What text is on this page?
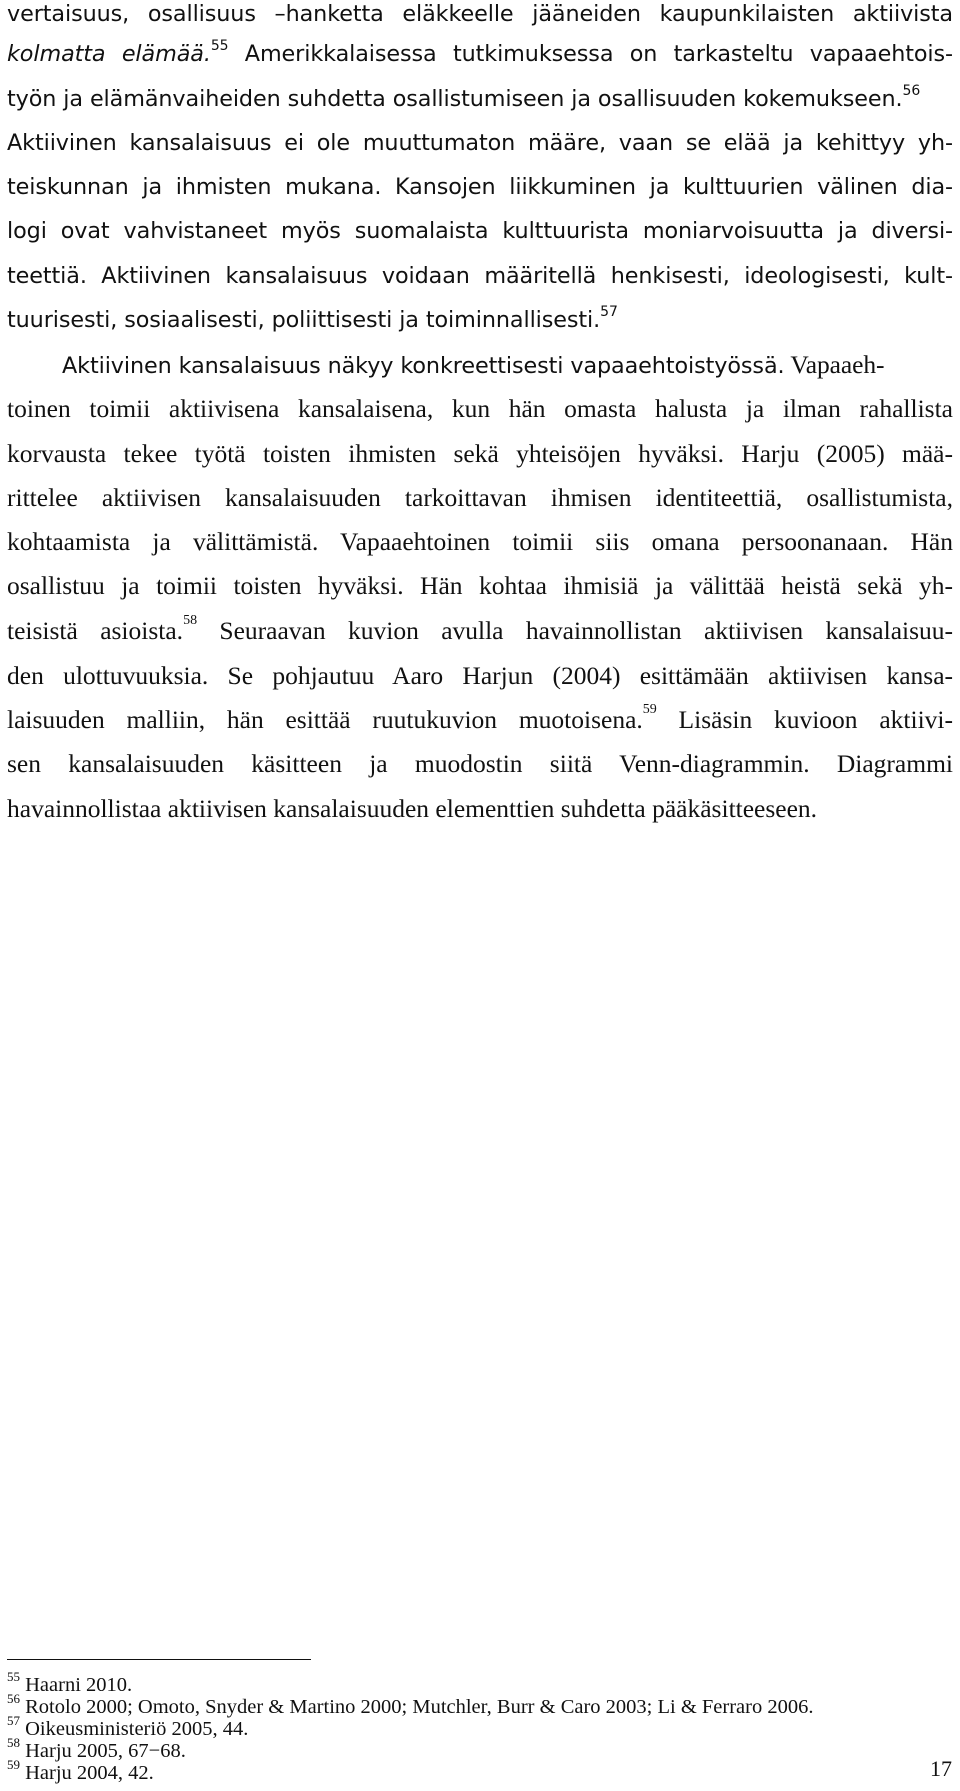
vertaisuus, osallisuus –hanketta eläkkeelle jääneiden kaupunkilaisten aktiivista
kolmatta elämää.$^{55}$ Amerikkalaisessa tutkimuksessa on tarkasteltu vapaaehtois-
työn ja elämänvaiheiden suhdetta osallistumiseen ja osallisuuden kokemukseen.$^{56}$
Aktiivinen kansalaisuus ei ole muuttumaton määre, vaan se elää ja kehittyy yh-
teiskunnan ja ihmisten mukana. Kansojen liikkuminen ja kulttuurien välinen dia-
logi ovat vahvistaneet myös suomalaista kulttuurista moniarvoisuutta ja diversi-
teettiä. Aktiivinen kansalaisuus voidaan määritellä henkisesti, ideologisesti, kult-
tuurisesti, sosiaalisesti, poliittisesti ja toiminnallisesti.$^{57}$
Aktiivinen kansalaisuus näkyy konkreettisesti vapaaehtoistyössä. Vapaaeh-
toinen toimii aktiivisena kansalaisena, kun hän omasta halusta ja ilman rahallista
korvausta tekee työtä toisten ihmisten sekä yhteisöjen hyväksi. Harju (2005) mää-
rittelee aktiivisen kansalaisuuden tarkoittavan ihmisen identiteettiä, osallistumista,
kohtaamista ja välittämistä. Vapaaehtoinen toimii siis omana persoonanaan. Hän
osallistuu ja toimii toisten hyväksi. Hän kohtaa ihmisiä ja välittää heistä sekä yh-
teisistä asioista.$^{58}$ Seuraavan kuvion avulla havainnollistan aktiivisen kansalaisuu-
den ulottuvuuksia. Se pohjautuu Aaro Harjun (2004) esittämään aktiivisen kansa-
laisuuden malliin, hän esittää ruutukuvion muotoisena.$^{59}$ Lisäsin kuvioon aktiivi-
sen kansalaisuuden käsitteen ja muodostin siitä Venn-diagrammin. Diagrammi
havainnollistaa aktiivisen kansalaisuuden elementtien suhdetta pääkäsitteeseen.
$^{55}$ Haarni 2010.
$^{56}$ Rotolo 2000; Omoto, Snyder & Martino 2000; Mutchler, Burr & Caro 2003; Li & Ferraro 2006.
$^{57}$ Oikeusministeriö 2005, 44.
$^{58}$ Harju 2005, 67−68.
$^{59}$ Harju 2004, 42.	17
